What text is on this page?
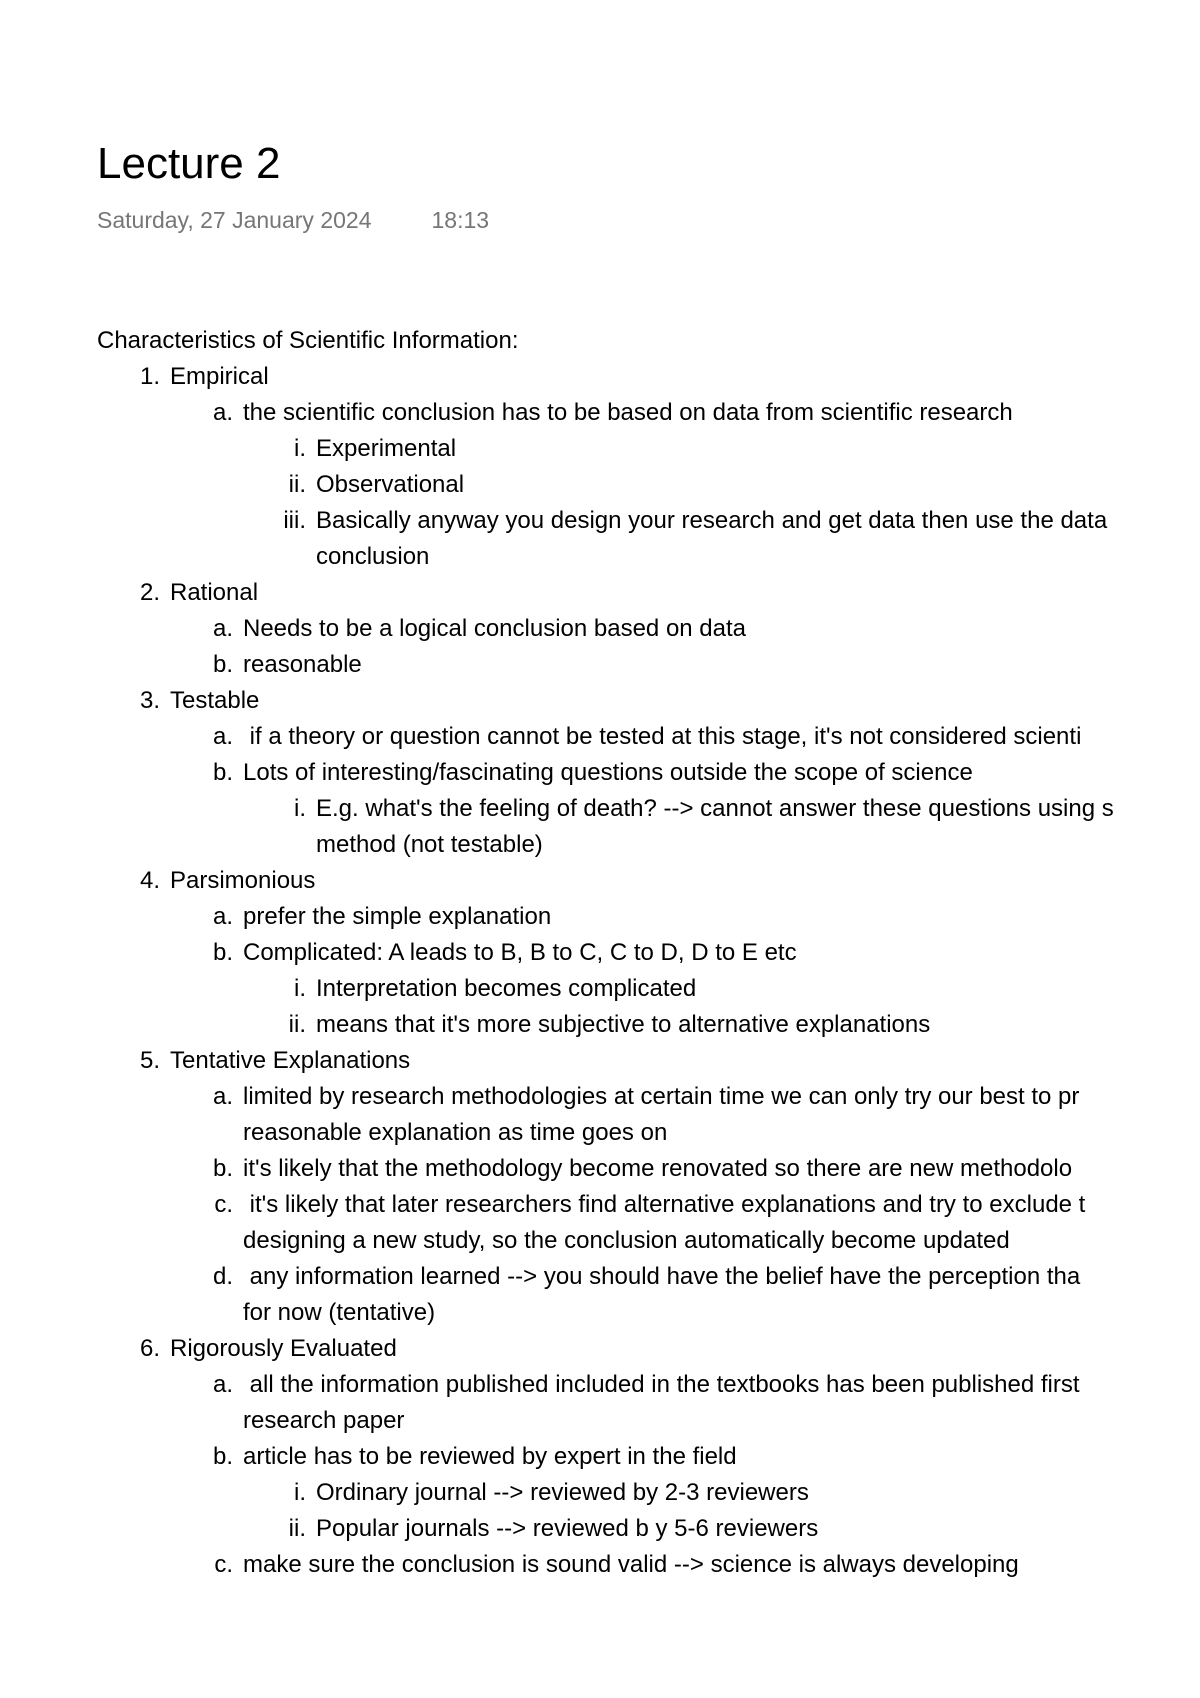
Lecture 2
Saturday, 27 January 2024	18:13
Characteristics of Scientific Information:
1. Empirical
a. the scientific conclusion has to be based on data from scientific research
i. Experimental
ii. Observational
iii. Basically anyway you design your research and get data then use the data
conclusion
2. Rational
a. Needs to be a logical conclusion based on data
b. reasonable
3. Testable
a. if a theory or question cannot be tested at this stage, it's not considered scienti
b. Lots of interesting/fascinating questions outside the scope of science
i. E.g. what's the feeling of death? --> cannot answer these questions using s
method (not testable)
4. Parsimonious
a. prefer the simple explanation
b. Complicated: A leads to B, B to C, C to D, D to E etc
i. Interpretation becomes complicated
ii. means that it's more subjective to alternative explanations
5. Tentative Explanations
a. limited by research methodologies at certain time we can only try our best to pr
reasonable explanation as time goes on
b. it's likely that the methodology become renovated so there are new methodolo
c. it's likely that later researchers find alternative explanations and try to exclude t
designing a new study, so the conclusion automatically become updated
d. any information learned --> you should have the belief have the perception tha
for now (tentative)
6. Rigorously Evaluated
a. all the information published included in the textbooks has been published first
research paper
b. article has to be reviewed by expert in the field
i. Ordinary journal --> reviewed by 2-3 reviewers
ii. Popular journals --> reviewed b y 5-6 reviewers
c. make sure the conclusion is sound valid --> science is always developing
